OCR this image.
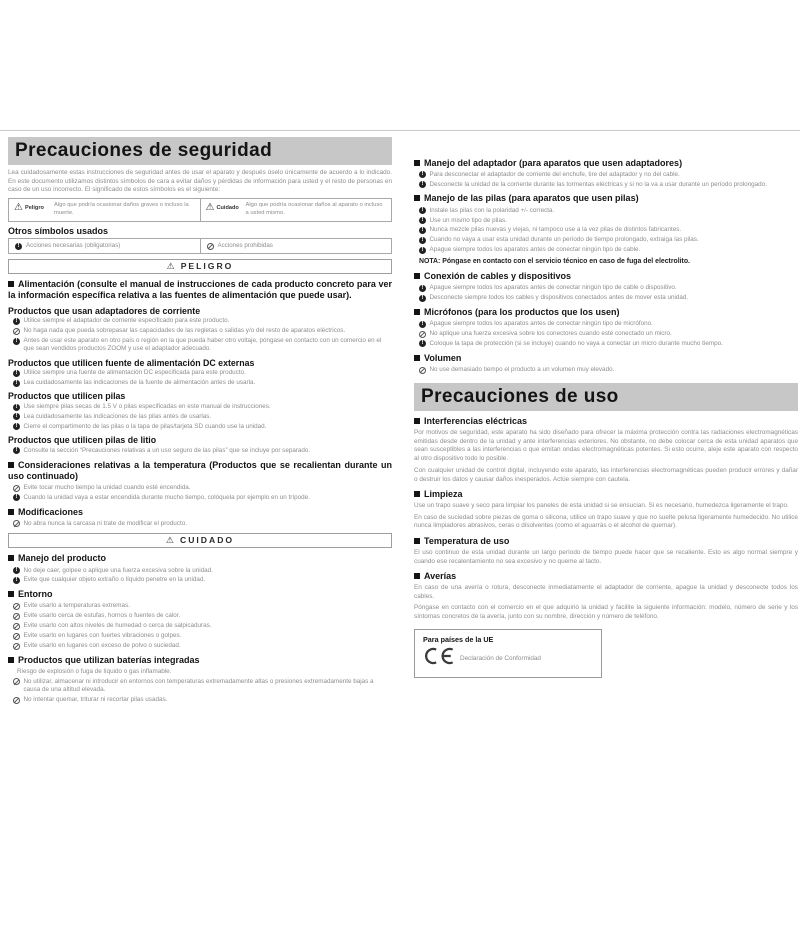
Precauciones de seguridad
Lea cuidadosamente estas instrucciones de seguridad antes de usar el aparato y después úselo únicamente de acuerdo a lo indicado. En este documento utilizamos distintos símbolos de cara a evitar daños y pérdidas de información para usted y el resto de personas en caso de un uso incorrecto. El significado de estos símbolos es el siguiente:
⚠ Peligro Algo que podría ocasionar daños graves o incluso la muerte.	⚠ Cuidado Algo que podría ocasionar daños al aparato o incluso a usted mismo.
Otros símbolos usados
!	Acciones necesarias (obligatorias)	Acciones prohibidas
⚠ PELIGRO
Alimentación (consulte el manual de instrucciones de cada producto concreto para ver la información específica relativa a las fuentes de alimentación que puede usar).
Productos que usan adaptadores de corriente
! Utilice siempre el adaptador de corriente especificado para este producto.
No haga nada que pueda sobrepasar las capacidades de las regletas o salidas y/o del resto de aparatos eléctricos.
! Antes de usar este aparato en otro país o región en la que pueda haber otro voltaje, póngase en contacto con un comercio en el que sean vendidos productos ZOOM y use el adaptador adecuado.
Productos que utilicen fuente de alimentación DC externas
! Utilice siempre una fuente de alimentación DC especificada para este producto.
! Lea cuidadosamente las indicaciones de la fuente de alimentación antes de usarla.
Productos que utilicen pilas
! Use siempre pilas secas de 1.5 V o pilas especificadas en este manual de instrucciones.
! Lea cuidadosamente las indicaciones de las pilas antes de usarlas.
! Cierre el compartimento de las pilas o la tapa de pilas/tarjeta SD cuando use la unidad.
Productos que utilicen pilas de litio
! Consulte la sección “Precauciones relativas a un uso seguro de las pilas” que se incluye por separado.
Consideraciones relativas a la temperatura (Productos que se recalientan durante un uso continuado)
Evite tocar mucho tiempo la unidad cuando esté encendida.
! Cuando la unidad vaya a estar encendida durante mucho tiempo, colóquela por ejemplo en un trípode.
Modificaciones
No abra nunca la carcasa ni trate de modificar el producto.
⚠ CUIDADO
Manejo del producto
! No deje caer, golpee o aplique una fuerza excesiva sobre la unidad.
! Evite que cualquier objeto extraño o líquido penetre en la unidad.
Entorno
Evite usarlo a temperaturas extremas.
Evite usarlo cerca de estufas, hornos o fuentes de calor.
Evite usarlo con altos niveles de humedad o cerca de salpicaduras.
Evite usarlo en lugares con fuertes vibraciones o golpes.
Evite usarlo en lugares con exceso de polvo o suciedad.
Productos que utilizan baterías integradas
Riesgo de explosión o fuga de líquido o gas inflamable.
No utilizar, almacenar ni introducir en entornos con temperaturas extremadamente altas o presiones extremadamente bajas a causa de una altitud elevada.
No intentar quemar, triturar ni recortar pilas usadas.
Manejo del adaptador (para aparatos que usen adaptadores)
! Para desconectar el adaptador de corriente del enchufe, tire del adaptador y no del cable.
! Desconecte la unidad de la corriente durante las tormentas eléctricas y si no la va a usar durante un período prolongado.
Manejo de las pilas (para aparatos que usen pilas)
! Instale las pilas con la polaridad +/- correcta.
! Use un mismo tipo de pilas.
! Nunca mezcle pilas nuevas y viejas, ni tampoco use a la vez pilas de distintos fabricantes.
! Cuando no vaya a usar esta unidad durante un período de tiempo prolongado, extraiga las pilas.
! Apague siempre todos los aparatos antes de conectar ningún tipo de cable.
NOTA: Póngase en contacto con el servicio técnico en caso de fuga del electrolito.
Conexión de cables y dispositivos
! Apague siempre todos los aparatos antes de conectar ningún tipo de cable o dispositivo.
! Desconecte siempre todos los cables y dispositivos conectados antes de mover esta unidad.
Micrófonos (para los productos que los usen)
! Apague siempre todos los aparatos antes de conectar ningún tipo de micrófono.
No aplique una fuerza excesiva sobre los conectores cuando esté conectado un micro.
! Coloque la tapa de protección (si se incluye) cuando no vaya a conectar un micro durante mucho tiempo.
Volumen
No use demasiado tiempo el producto a un volumen muy elevado.
Precauciones de uso
Interferencias eléctricas
Por motivos de seguridad, este aparato ha sido diseñado para ofrecer la máxima protección contra las radiaciones electromagnéticas emitidas desde dentro de la unidad y ante interferencias exteriores. No obstante, no debe colocar cerca de esta unidad aparatos que sean susceptibles a las interferencias o que emitan ondas electromagnéticas potentes. Si esto ocurre, aleje este aparato con respecto al otro dispositivo todo lo posible.
Con cualquier unidad de control digital, incluyendo este aparato, las interferencias electromagnéticas pueden producir errores y dañar o destruir los datos y causar daños inesperados. Actúe siempre con cautela.
Limpieza
Use un trapo suave y seco para limpiar los paneles de esta unidad si se ensucian. Si es necesario, humedezca ligeramente el trapo.
En caso de suciedad sobre piezas de goma o silicona, utilice un trapo suave y que no suelte pelusa ligeramente humedecido. No utilice nunca limpiadores abrasivos, ceras o disolventes (como el aguarrás o el alcohol de quemar).
Temperatura de uso
El uso continuo de esta unidad durante un largo período de tiempo puede hacer que se recaliente. Esto es algo normal siempre y cuando ese recalentamiento no sea excesivo y no queme al tacto.
Averías
En caso de una avería o rotura, desconecte inmediatamente el adaptador de corriente, apague la unidad y desconecte todos los cables.
Póngase en contacto con el comercio en el que adquirió la unidad y facilite la siguiente información: modelo, número de serie y los síntomas concretos de la avería, junto con su nombre, dirección y número de teléfono.
Para países de la UE
Declaración de Conformidad
